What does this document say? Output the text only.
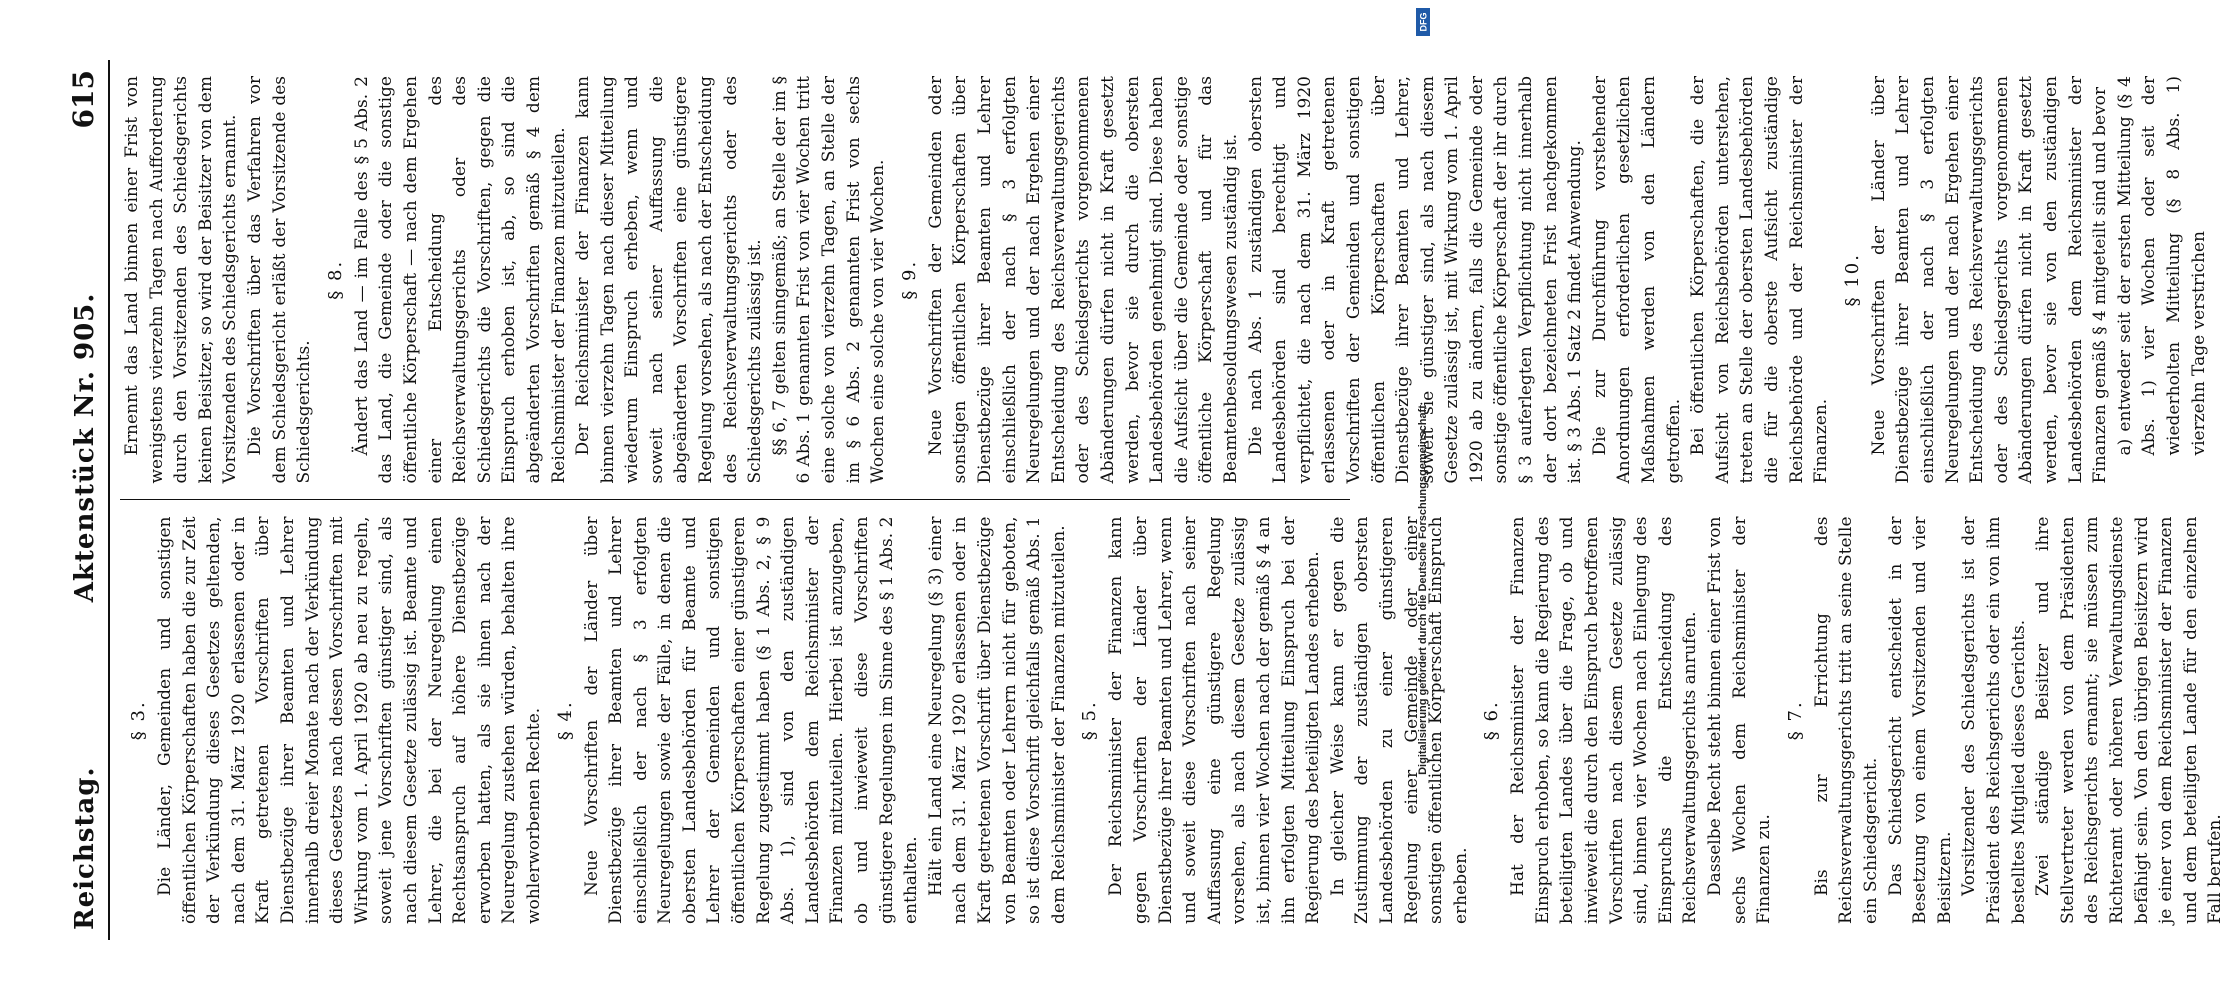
Reichstag.
Aktenstück Nr. 905.
615
§ 3. Die Länder, Gemeinden und sonstigen öffentlichen Körperschaften haben die zur Zeit der Verkündung dieses Gesetzes geltenden, nach dem 31. März 1920 erlassenen oder in Kraft getretenen Vorschriften über Dienstbezüge ihrer Beamten und Lehrer innerhalb dreier Monate nach der Verkündung dieses Gesetzes nach dessen Vorschriften mit Wirkung vom 1. April 1920 ab neu zu regeln, soweit jene Vorschriften günstiger sind, als nach diesem Gesetze zulässig ist. Beamte und Lehrer, die bei der Neuregelung einen Rechtsanspruch auf höhere Dienstbezüge erworben hatten, als sie ihnen nach der Neuregelung zustehen würden, behalten ihre wohlerworbenen Rechte. § 4. Neue Vorschriften der Länder über Dienstbezüge ihrer Beamten und Lehrer einschließlich der nach § 3 erfolgten Neuregelungen sowie der Fälle, in denen die obersten Landesbehörden für Beamte und Lehrer der Gemeinden und sonstigen öffentlichen Körperschaften einer günstigeren Regelung zugestimmt haben (§ 1 Abs. 2, § 9 Abs. 1), sind von den zuständigen Landesbehörden dem Reichsminister der Finanzen mitzuteilen. Hierbei ist anzugeben, ob und inwieweit diese Vorschriften günstigere Regelungen im Sinne des § 1 Abs. 2 enthalten. Hält ein Land eine Neuregelung (§ 3) einer nach dem 31. März 1920 erlassenen oder in Kraft getretenen Vorschrift über Dienstbezüge von Beamten oder Lehrern nicht für geboten, so ist diese Vorschrift gleichfalls gemäß Abs. 1 dem Reichsminister der Finanzen mitzuteilen. § 5. Der Reichsminister der Finanzen kann gegen Vorschriften der Länder über Dienstbezüge ihrer Beamten und Lehrer, wenn und soweit diese Vorschriften nach seiner Auffassung eine günstigere Regelung vorsehen, als nach diesem Gesetze zulässig ist, binnen vier Wochen nach der gemäß § 4 an ihn erfolgten Mitteilung Einspruch bei der Regierung des beteiligten Landes erheben. In gleicher Weise kann er gegen die Zustimmung der zuständigen obersten Landesbehörden zu einer günstigeren Regelung einer Gemeinde oder einer sonstigen öffentlichen Körperschaft Einspruch erheben.

§ 6. Hat der Reichsminister der Finanzen Einspruch erhoben, so kann die Regierung des beteiligten Landes über die Frage, ob und inwieweit die durch den Einspruch betroffenen Vorschriften nach diesem Gesetze zulässig sind, binnen vier Wochen nach Einlegung des Einspruchs die Entscheidung des Reichsverwaltungsgerichts anrufen. Dasselbe Recht steht binnen einer Frist von sechs Wochen dem Reichsminister der Finanzen zu.

§ 7. Bis zur Errichtung des Reichsverwaltungsgerichts tritt an seine Stelle ein Schiedsgericht. Das Schiedsgericht entscheidet in der Besetzung von einem Vorsitzenden und vier Beisitzern. Vorsitzender des Schiedsgerichts ist der Präsident des Reichsgerichts oder ein von ihm bestelltes Mitglied dieses Gerichts. Zwei ständige Beisitzer und ihre Stellvertreter werden von dem Präsidenten des Reichsgerichts ernannt; sie müssen zum Richteramt oder höheren Verwaltungsdienste befähigt sein. Von den übrigen Beisitzern wird je einer von dem Reichsminister der Finanzen und dem beteiligten Lande für den einzelnen Fall berufen.

Ernennt das Land binnen einer Frist von wenigstens vierzehn Tagen nach Aufforderung durch den Vorsitzenden des Schiedsgerichts keinen Beisitzer, so wird der Beisitzer von dem Vorsitzenden des Schiedsgerichts ernannt. Die Vorschriften über das Verfahren vor dem Schiedsgericht erläßt der Vorsitzende des Schiedsgerichts.

§ 8. Ändert das Land — im Falle des § 5 Abs. 2 das Land, die Gemeinde oder die sonstige öffentliche Körperschaft — nach dem Ergehen einer Entscheidung des Reichsverwaltungsgerichts oder des Schiedsgerichts die Vorschriften, gegen die Einspruch erhoben ist, ab, so sind die abgeänderten Vorschriften gemäß § 4 dem Reichsminister der Finanzen mitzuteilen. Der Reichsminister der Finanzen kann binnen vierzehn Tagen nach dieser Mitteilung wiederum Einspruch erheben, wenn und soweit nach seiner Auffassung die abgeänderten Vorschriften eine günstigere Regelung vorsehen, als nach der Entscheidung des Reichsverwaltungsgerichts oder des Schiedsgerichts zulässig ist. §§ 6, 7 gelten sinngemäß; an Stelle der im § 6 Abs. 1 genannten Frist von vier Wochen tritt eine solche von vierzehn Tagen, an Stelle der im § 6 Abs. 2 genannten Frist von sechs Wochen eine solche von vier Wochen. § 9. Neue Vorschriften der Gemeinden oder sonstigen öffentlichen Körperschaften über Dienstbezüge ihrer Beamten und Lehrer einschließlich der nach § 3 erfolgten Neuregelungen und der nach Ergehen einer Entscheidung des Reichsverwaltungsgerichts oder des Schiedsgerichts vorgenommenen Abänderungen dürfen nicht in Kraft gesetzt werden, bevor sie durch die obersten Landesbehörden genehmigt sind. Diese haben die Aufsicht über die Gemeinde oder sonstige öffentliche Körperschaft und für das Beamtenbesoldungswesen zuständig ist. Die nach Abs. 1 zuständigen obersten Landesbehörden sind berechtigt und verpflichtet, die nach dem 31. März 1920 erlassenen oder in Kraft getretenen Vorschriften der Gemeinden und sonstigen öffentlichen Körperschaften über Dienstbezüge ihrer Beamten und Lehrer, soweit sie günstiger sind, als nach diesem Gesetze zulässig ist, mit Wirkung vom 1. April 1920 ab zu ändern, falls die Gemeinde oder sonstige öffentliche Körperschaft der ihr durch § 3 auferlegten Verpflichtung nicht innerhalb der dort bezeichneten Frist nachgekommen ist. § 3 Abs. 1 Satz 2 findet Anwendung. Die zur Durchführung vorstehender Anordnungen erforderlichen gesetzlichen Maßnahmen werden von den Ländern getroffen. Bei öffentlichen Körperschaften, die der Aufsicht von Reichsbehörden unterstehen, treten an Stelle der obersten Landesbehörden die für die oberste Aufsicht zuständige Reichsbehörde und der Reichsminister der Finanzen.

§ 10. Neue Vorschriften der Länder über Dienstbezüge ihrer Beamten und Lehrer einschließlich der nach § 3 erfolgten Neuregelungen und der nach Ergehen einer Entscheidung des Reichsverwaltungsgerichts oder des Schiedsgerichts vorgenommenen Abänderungen dürfen nicht in Kraft gesetzt werden, bevor sie von den zuständigen Landesbehörden dem Reichsminister der Finanzen gemäß § 4 mitgeteilt sind und bevor a) entweder seit der ersten Mitteilung (§ 4 Abs. 1) vier Wochen oder seit der wiederholten Mitteilung (§ 8 Abs. 1) vierzehn Tage verstrichen

DFG
Digitalisierung gefördert durch die Deutsche Forschungsgemeinschaft
